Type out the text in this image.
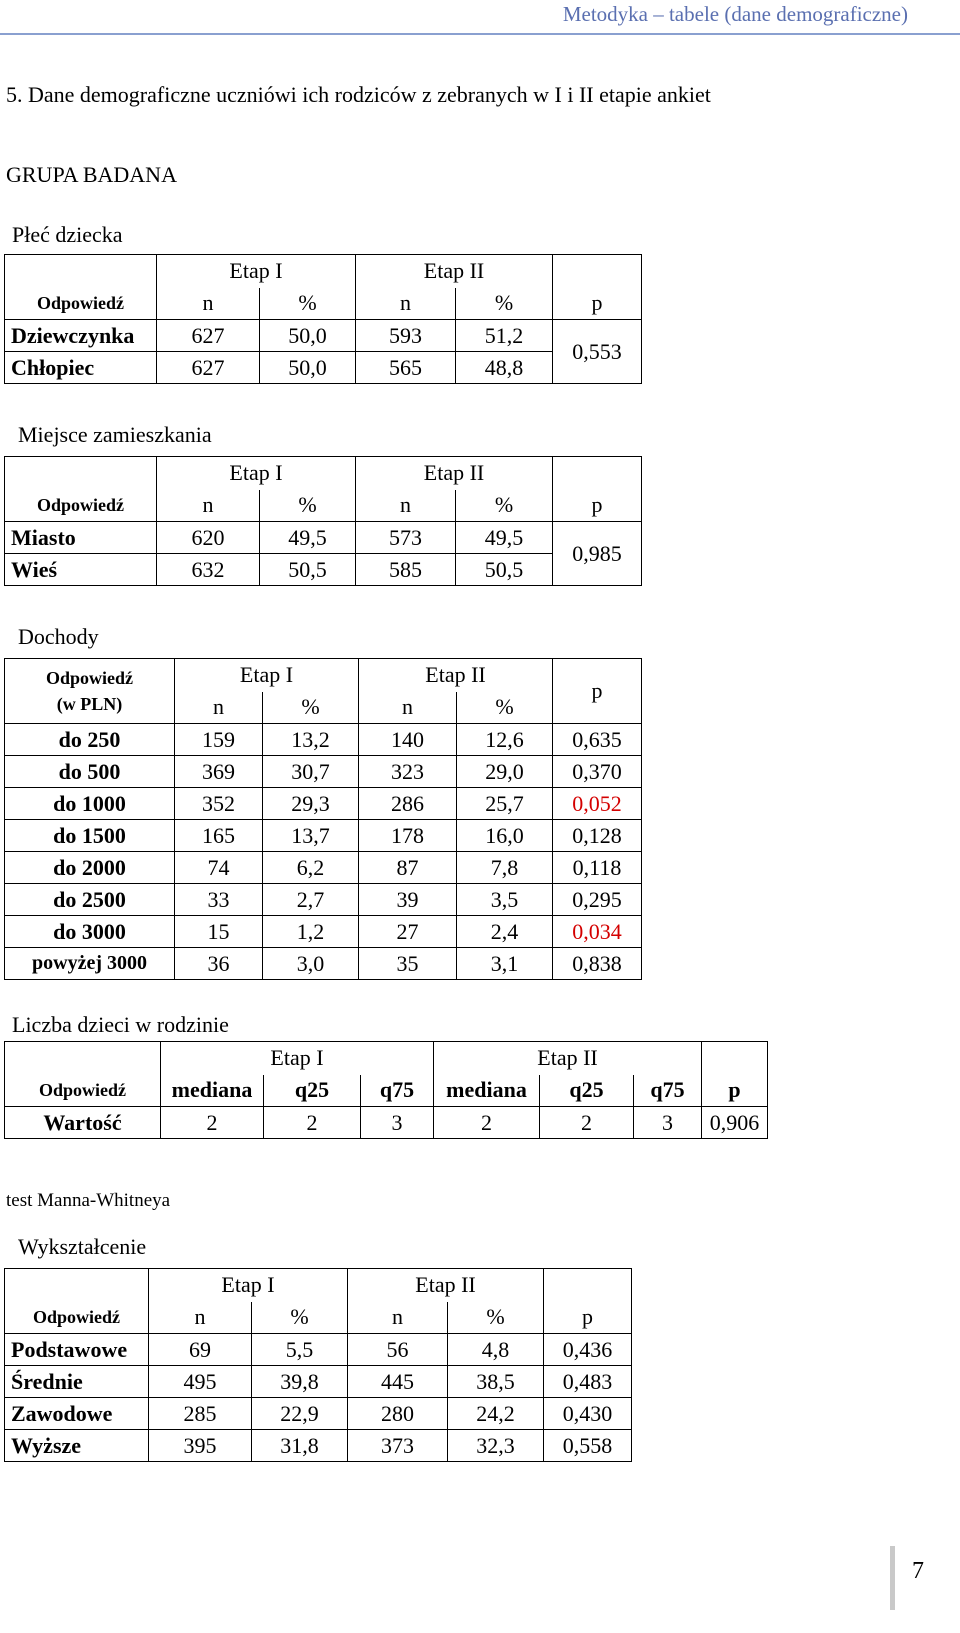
Metodyka – tabele (dane demograficzne)
5. Dane demograficzne uczniówi ich rodziców z zebranych w I i II etapie ankiet
GRUPA BADANA
Płeć dziecka
	Etap I		Etap II		
Odpowiedź	n	%	n	%	p
Dziewczynka	627	50,0	593	51,2	0,553
Chłopiec	627	50,0	565	48,8	
Miejsce zamieszkania
	Etap I		Etap II		
Odpowiedź	n	%	n	%	p
Miasto	620	49,5	573	49,5	0,985
Wieś	632	50,5	585	50,5	
Dochody
Odpowiedź
(w PLN)	Etap I		Etap II		p
	n	%	n	%	
do 250	159	13,2	140	12,6	0,635
do 500	369	30,7	323	29,0	0,370
do 1000	352	29,3	286	25,7	0,052
do 1500	165	13,7	178	16,0	0,128
do 2000	74	6,2	87	7,8	0,118
do 2500	33	2,7	39	3,5	0,295
do 3000	15	1,2	27	2,4	0,034
powyżej 3000	36	3,0	35	3,1	0,838
Liczba dzieci w rodzinie
	Etap I			Etap II			
Odpowiedź	mediana	q25	q75	mediana	q25	q75	p
Wartość	2	2	3	2	2	3	0,906
test Manna-Whitneya
Wykształcenie
	Etap I		Etap II		
Odpowiedź	n	%	n	%	p
Podstawowe	69	5,5	56	4,8	0,436
Średnie	495	39,8	445	38,5	0,483
Zawodowe	285	22,9	280	24,2	0,430
Wyższe	395	31,8	373	32,3	0,558
7
